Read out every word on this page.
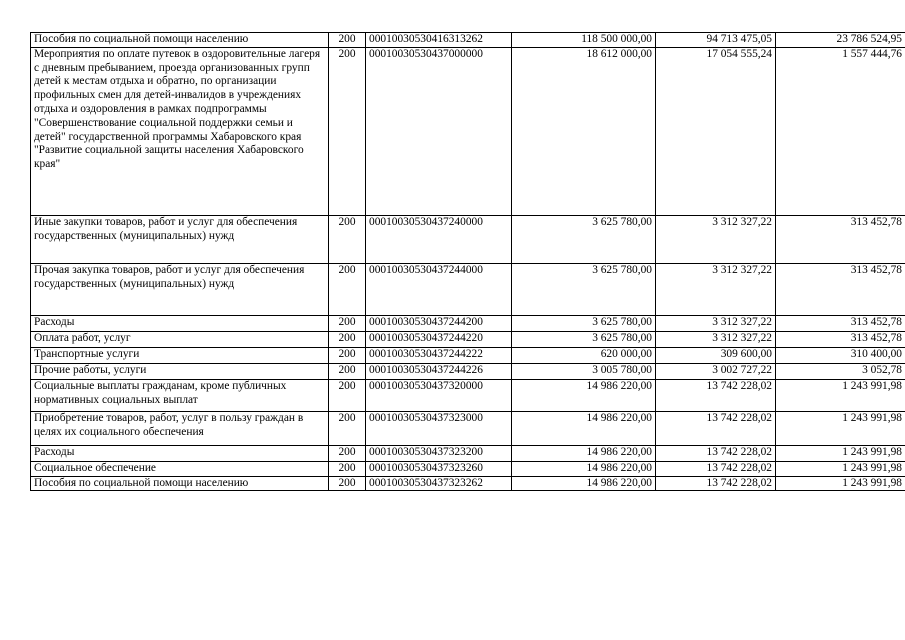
Пособия по социальной помощи населению	200	00010030530416313262	118 500 000,00	94 713 475,05	23 786 524,95
Мероприятия по оплате путевок в оздоровительные лагеря с дневным пребыванием, проезда организованных групп детей к местам отдыха и обратно, по организации профильных смен для детей-инвалидов в учреждениях отдыха и оздоровления в рамках подпрограммы "Совершенствование социальной поддержки семьи и детей" государственной программы Хабаровского края "Развитие социальной защиты населения Хабаровского края"	200	00010030530437000000	18 612 000,00	17 054 555,24	1 557 444,76
Иные закупки товаров, работ и услуг для обеспечения государственных (муниципальных) нужд	200	00010030530437240000	3 625 780,00	3 312 327,22	313 452,78
Прочая закупка товаров, работ и услуг для обеспечения государственных (муниципальных) нужд	200	00010030530437244000	3 625 780,00	3 312 327,22	313 452,78
Расходы	200	00010030530437244200	3 625 780,00	3 312 327,22	313 452,78
Оплата работ, услуг	200	00010030530437244220	3 625 780,00	3 312 327,22	313 452,78
Транспортные услуги	200	00010030530437244222	620 000,00	309 600,00	310 400,00
Прочие работы, услуги	200	00010030530437244226	3 005 780,00	3 002 727,22	3 052,78
Социальные выплаты гражданам, кроме публичных нормативных социальных выплат	200	00010030530437320000	14 986 220,00	13 742 228,02	1 243 991,98
Приобретение товаров, работ, услуг в пользу граждан в целях их социального обеспечения	200	00010030530437323000	14 986 220,00	13 742 228,02	1 243 991,98
Расходы	200	00010030530437323200	14 986 220,00	13 742 228,02	1 243 991,98
Социальное обеспечение	200	00010030530437323260	14 986 220,00	13 742 228,02	1 243 991,98
Пособия по социальной помощи населению	200	00010030530437323262	14 986 220,00	13 742 228,02	1 243 991,98
